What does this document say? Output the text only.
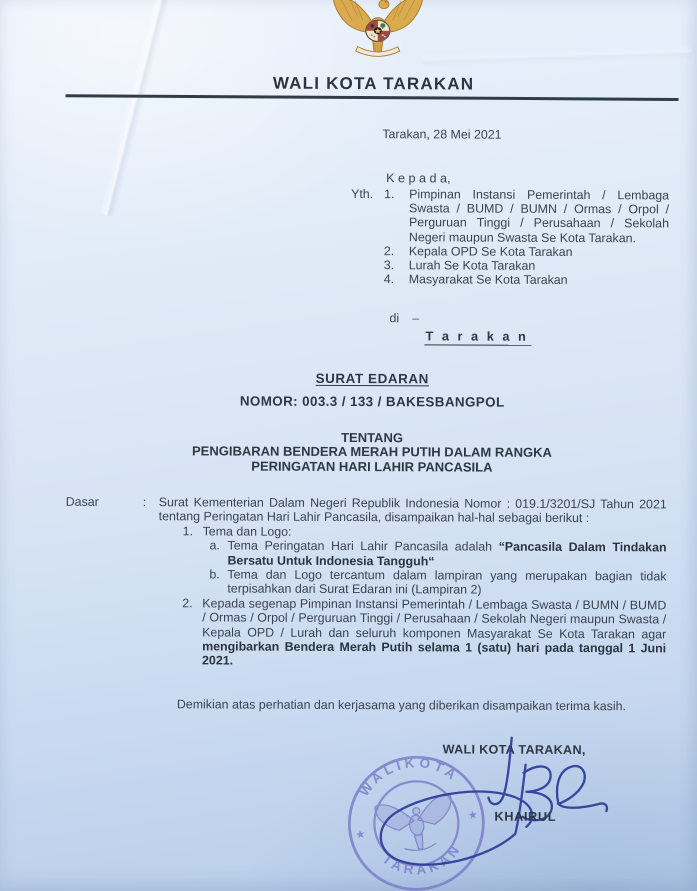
WALI KOTA TARAKAN
Tarakan, 28 Mei 2021
K e p a d a,
Yth. 1.	Pimpinan Instansi Pemerintah / Lembaga Swasta / BUMD / BUMN / Ormas / Orpol / Perguruan Tinggi / Perusahaan / Sekolah Negeri maupun Swasta Se Kota Tarakan.
2.	Kepala OPD Se Kota Tarakan
3.	Lurah Se Kota Tarakan
4.	Masyarakat Se Kota Tarakan
di –
T a r a k a n
SURAT EDARAN
NOMOR: 003.3 / 133 / BAKESBANGPOL
TENTANG
PENGIBARAN BENDERA MERAH PUTIH DALAM RANGKA
PERINGATAN HARI LAHIR PANCASILA
Dasar	:	Surat Kementerian Dalam Negeri Republik Indonesia Nomor : 019.1/3201/SJ Tahun 2021 tentang Peringatan Hari Lahir Pancasila, disampaikan hal-hal sebagai berikut :

1. Tema dan Logo:
a. Tema Peringatan Hari Lahir Pancasila adalah “Pancasila Dalam Tindakan Bersatu Untuk Indonesia Tangguh“
b. Tema dan Logo tercantum dalam lampiran yang merupakan bagian tidak terpisahkan dari Surat Edaran ini (Lampiran 2)
2. Kepada segenap Pimpinan Instansi Pemerintah / Lembaga Swasta / BUMN / BUMD / Ormas / Orpol / Perguruan Tinggi / Perusahaan / Sekolah Negeri maupun Swasta / Kepala OPD / Lurah dan seluruh komponen Masyarakat Se Kota Tarakan agar mengibarkan Bendera Merah Putih selama 1 (satu) hari pada tanggal 1 Juni 2021.

Demikian atas perhatian dan kerjasama yang diberikan disampaikan terima kasih.

WALI KOTA TARAKAN,
WALIKOTA
TARAKAN
★
★ KHAIRUL
